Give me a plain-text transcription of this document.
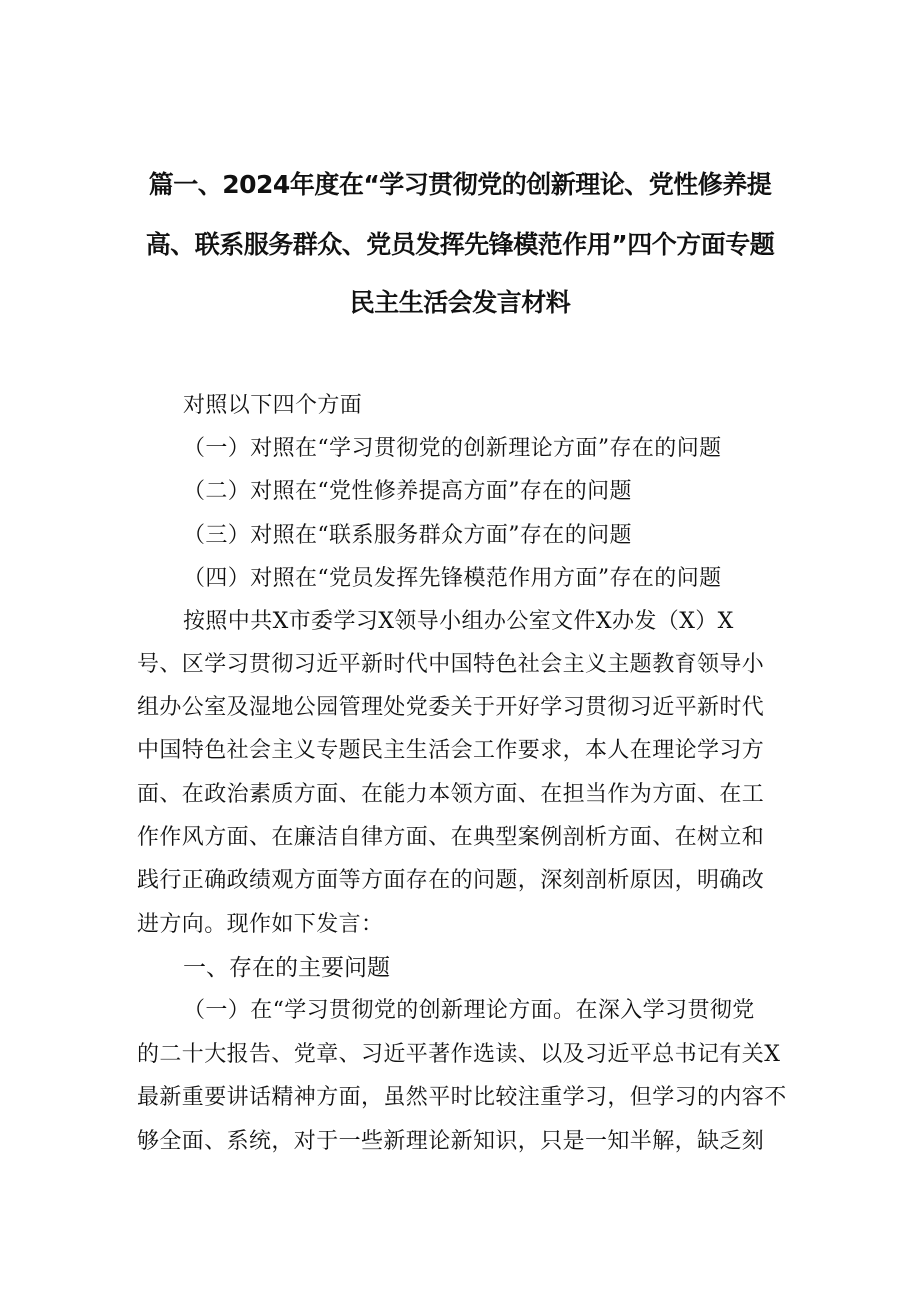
篇一、2024年度在“学习贯彻党的创新理论、党性修养提
高、联系服务群众、党员发挥先锋模范作用”四个方面专题
民主生活会发言材料
对照以下四个方面
（一）对照在“学习贯彻党的创新理论方面”存在的问题
（二）对照在“党性修养提高方面”存在的问题
（三）对照在“联系服务群众方面”存在的问题
（四）对照在“党员发挥先锋模范作用方面”存在的问题
按照中共X市委学习X领导小组办公室文件X办发（X）X
号、区学习贯彻习近平新时代中国特色社会主义主题教育领导小
组办公室及湿地公园管理处党委关于开好学习贯彻习近平新时代
中国特色社会主义专题民主生活会工作要求，本人在理论学习方
面、在政治素质方面、在能力本领方面、在担当作为方面、在工
作作风方面、在廉洁自律方面、在典型案例剖析方面、在树立和
践行正确政绩观方面等方面存在的问题，深刻剖析原因，明确改
进方向。现作如下发言：
一、存在的主要问题
（一）在“学习贯彻党的创新理论方面。在深入学习贯彻党
的二十大报告、党章、习近平著作选读、以及习近平总书记有关X
最新重要讲话精神方面，虽然平时比较注重学习，但学习的内容不
够全面、系统，对于一些新理论新知识，只是一知半解，缺乏刻
